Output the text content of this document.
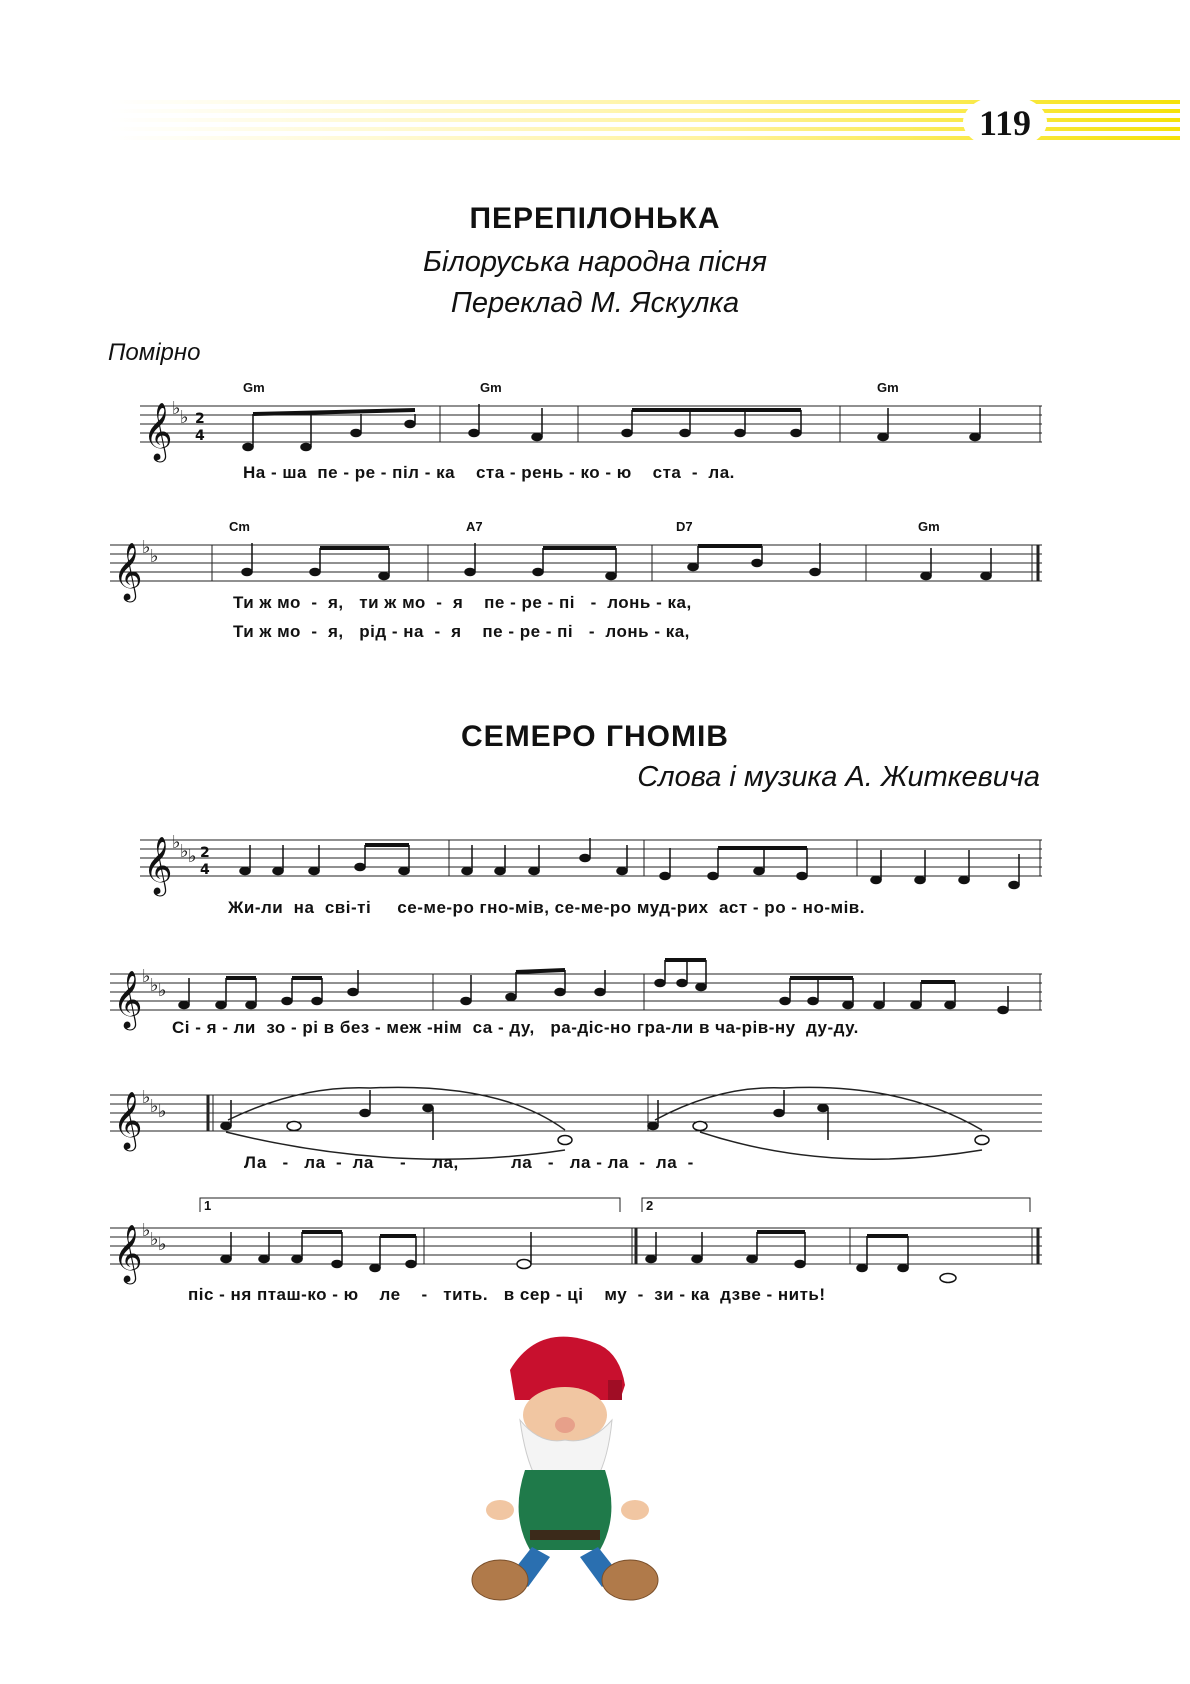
119
ПЕРЕПІЛОНЬКА
Білоруська народна пісня
Переклад М. Яскулка
Помірно
Gm	Gm	Gm
Cm	A7	D7	Gm
𝄞
𝄞
𝄞
𝄞
𝄞
𝄞
♭ ♭
♭ ♭
♭ ♭ ♭
♭ ♭ ♭
♭ ♭ ♭
♭ ♭ ♭
2
4
2
4
На - ша  пе - ре - піл - ка    ста - рень - ко - ю    ста  -  ла.
Ти ж мо  -  я,   ти ж мо  -  я    пе - ре - пі   -  лонь - ка,
Ти ж мо  -  я,   рід - на  -  я    пе - ре - пі   -  лонь - ка,
СЕМЕРО ГНОМІВ
Слова і музика А. Житкевича
Жи-ли  на  сві-ті     се-ме-ро гно-мів, се-ме-ро муд-рих  аст - ро - но-мів.
Сі - я - ли  зо - рі в без - меж -нім  са - ду,   ра-діс-но гра-ли в ча-рів-ну  ду-ду.
Ла   -   ла  -  ла     -     ла,          ла   -   ла - ла  -  ла  -
піс - ня пташ-ко - ю    ле    -   тить.   в сер - ці    му  -  зи - ка  дзве - нить!
1	2
